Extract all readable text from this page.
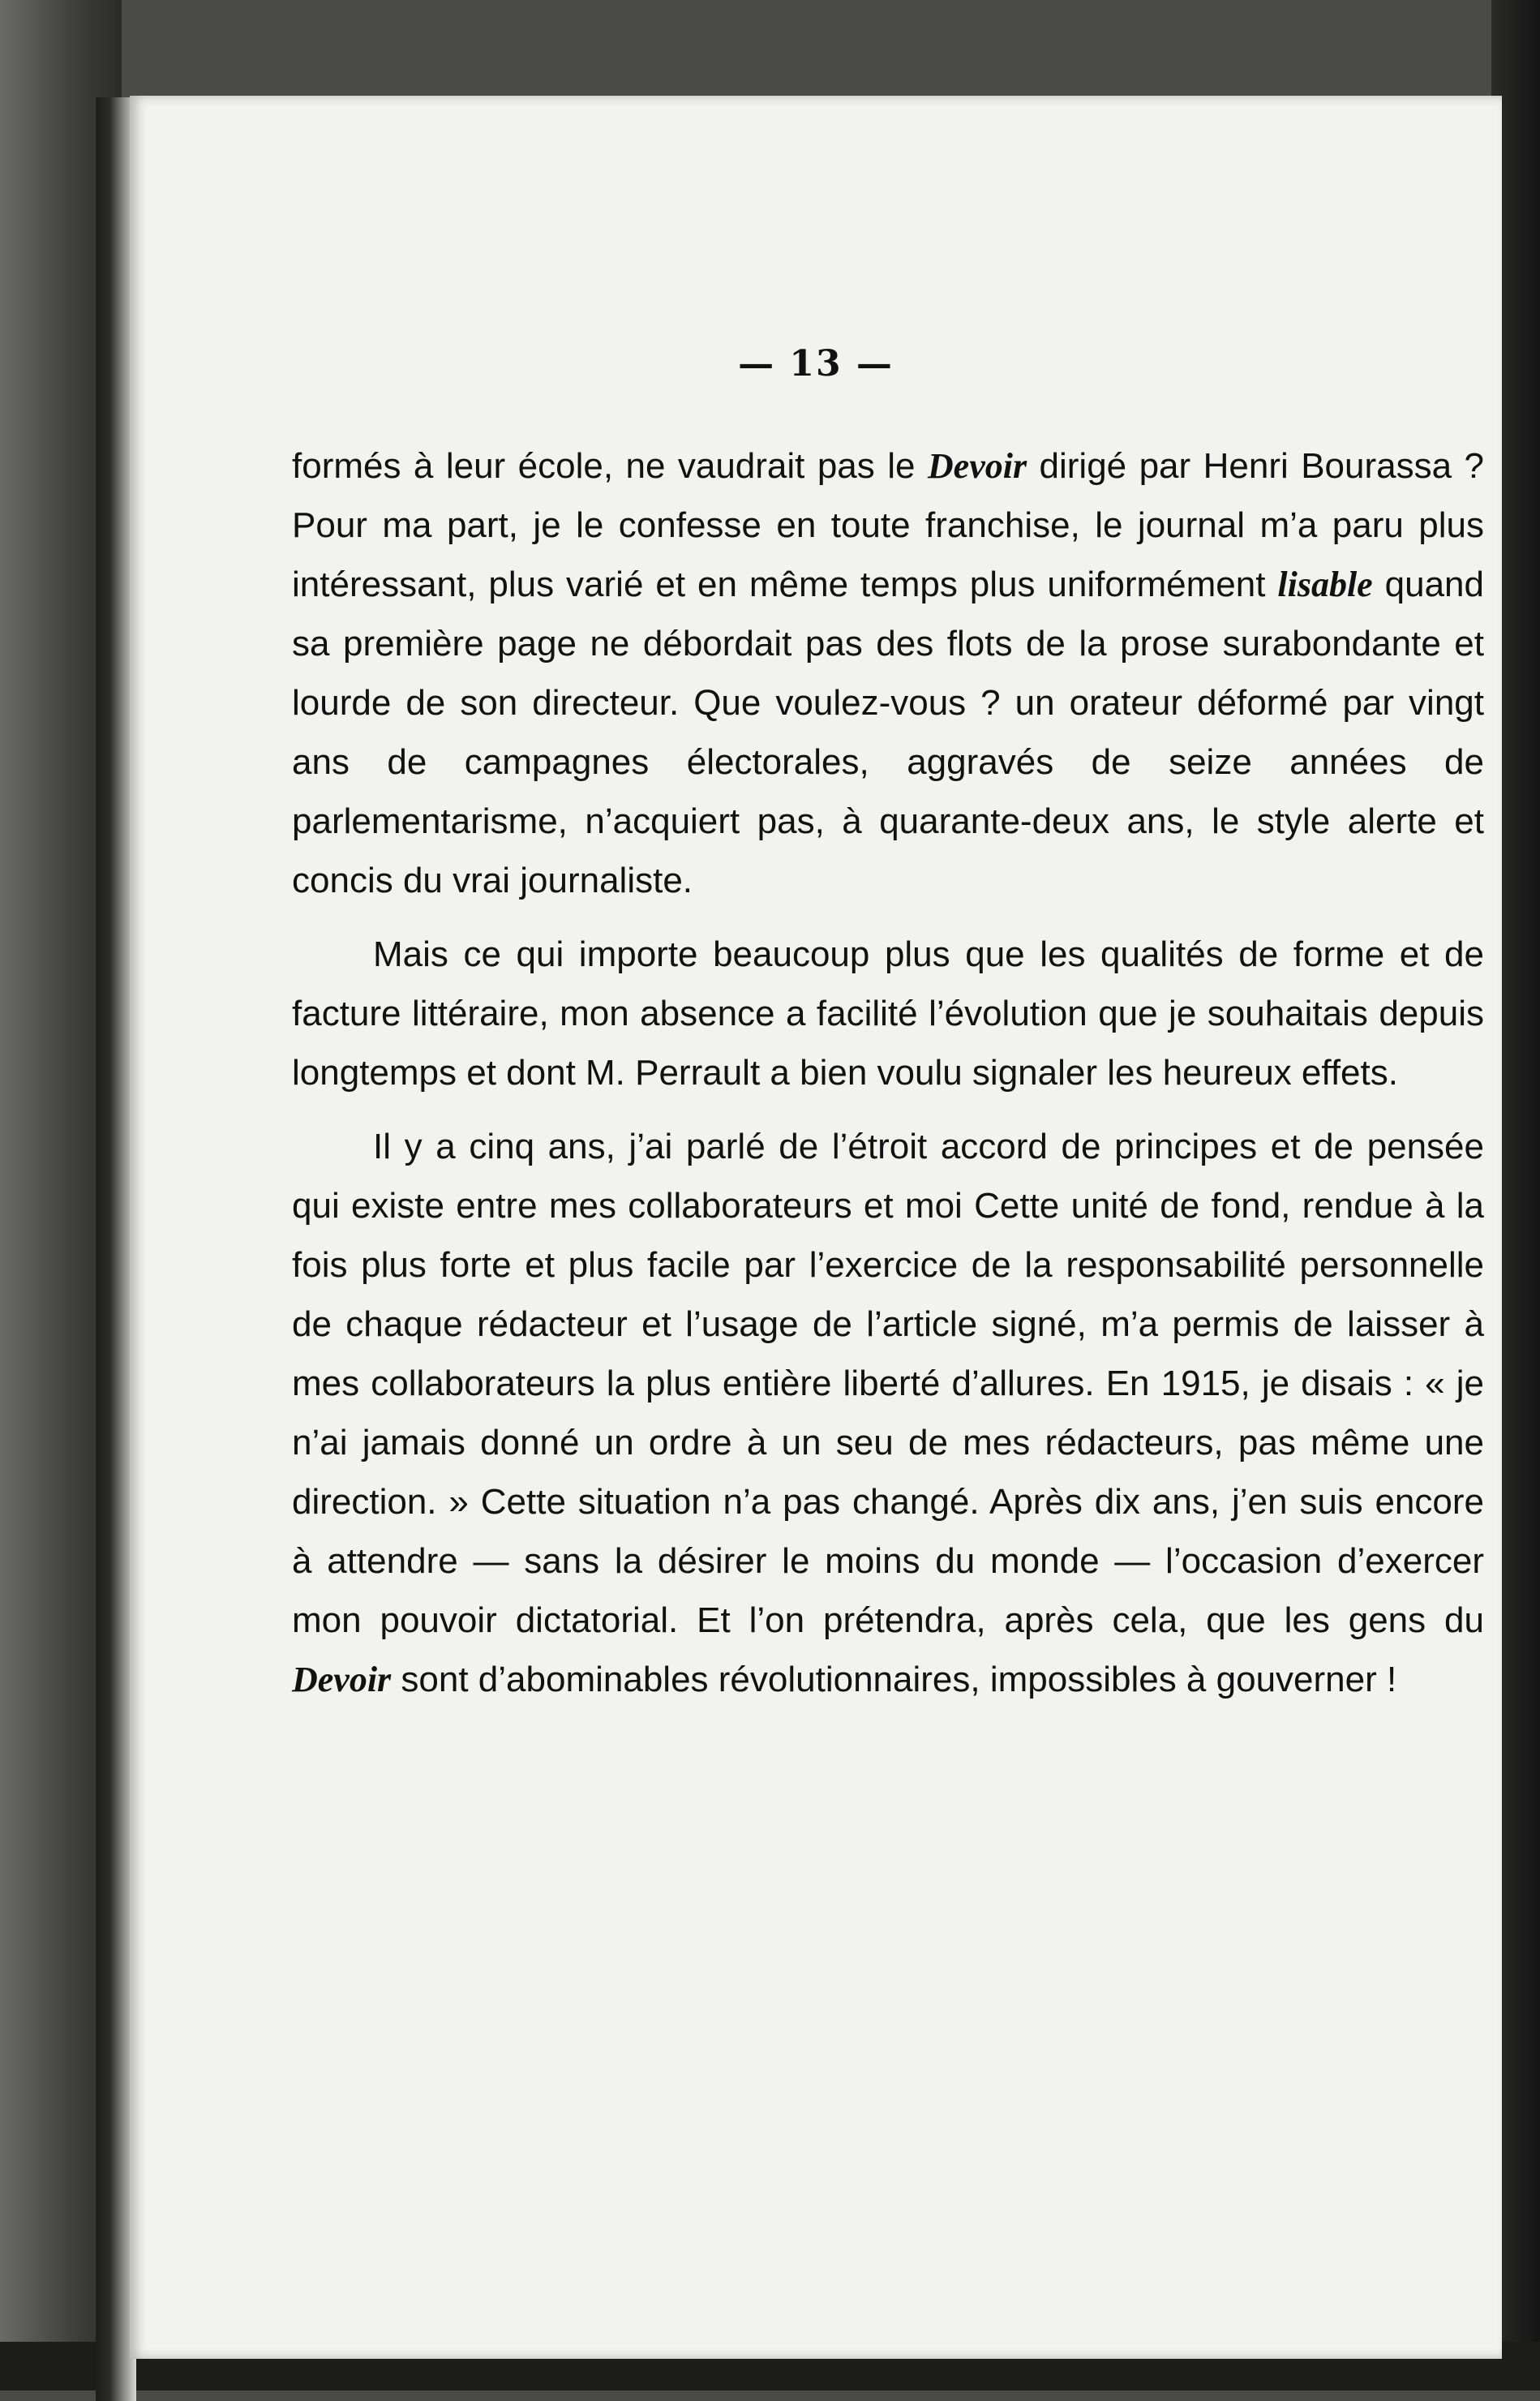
— 13 —

formés à leur école, ne vaudrait pas le Devoir dirigé par Henri Bourassa ? Pour ma part, je le confesse en toute franchise, le journal m’a paru plus intéressant, plus varié et en même temps plus uniformément lisable quand sa première page ne débordait pas des flots de la prose surabondante et lourde de son directeur. Que voulez-vous ? un orateur déformé par vingt ans de campagnes électorales, aggravés de seize années de parlementarisme, n’acquiert pas, à quarante-deux ans, le style alerte et concis du vrai journaliste.

Mais ce qui importe beaucoup plus que les qualités de forme et de facture littéraire, mon absence a facilité l’évolution que je souhaitais depuis longtemps et dont M. Perrault a bien voulu signaler les heureux effets.

Il y a cinq ans, j’ai parlé de l’étroit accord de principes et de pensée qui existe entre mes collaborateurs et moi Cette unité de fond, rendue à la fois plus forte et plus facile par l’exercice de la responsabilité personnelle de chaque rédacteur et l’usage de l’article signé, m’a permis de laisser à mes collaborateurs la plus entière liberté d’allures. En 1915, je disais : « je n’ai jamais donné un ordre à un seu de mes rédacteurs, pas même une direction. » Cette situation n’a pas changé. Après dix ans, j’en suis encore à attendre — sans la désirer le moins du monde — l’occasion d’exercer mon pouvoir dictatorial. Et l’on prétendra, après cela, que les gens du Devoir sont d’abominables révolutionnaires, impossibles à gouverner !
